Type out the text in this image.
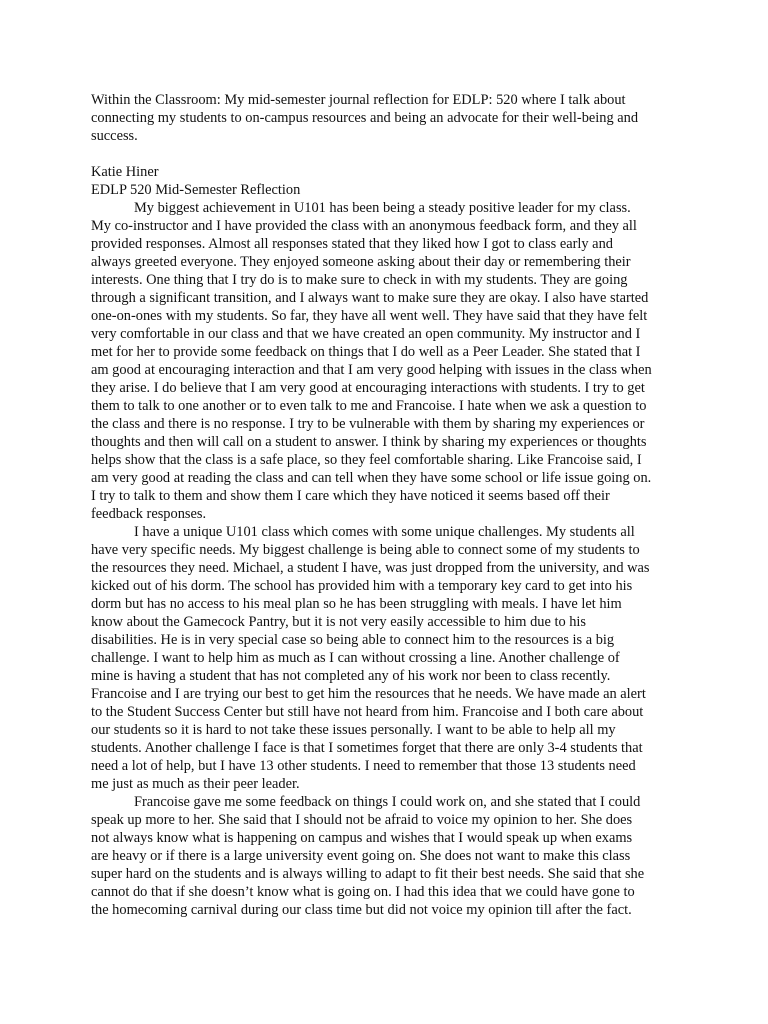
Within the Classroom: My mid-semester journal reflection for EDLP: 520 where I talk about
connecting my students to on-campus resources and being an advocate for their well-being and
success.
Katie Hiner
EDLP 520 Mid-Semester Reflection
My biggest achievement in U101 has been being a steady positive leader for my class.
My co-instructor and I have provided the class with an anonymous feedback form, and they all
provided responses. Almost all responses stated that they liked how I got to class early and
always greeted everyone. They enjoyed someone asking about their day or remembering their
interests. One thing that I try do is to make sure to check in with my students. They are going
through a significant transition, and I always want to make sure they are okay. I also have started
one-on-ones with my students. So far, they have all went well. They have said that they have felt
very comfortable in our class and that we have created an open community. My instructor and I
met for her to provide some feedback on things that I do well as a Peer Leader. She stated that I
am good at encouraging interaction and that I am very good helping with issues in the class when
they arise. I do believe that I am very good at encouraging interactions with students. I try to get
them to talk to one another or to even talk to me and Francoise. I hate when we ask a question to
the class and there is no response. I try to be vulnerable with them by sharing my experiences or
thoughts and then will call on a student to answer. I think by sharing my experiences or thoughts
helps show that the class is a safe place, so they feel comfortable sharing. Like Francoise said, I
am very good at reading the class and can tell when they have some school or life issue going on.
I try to talk to them and show them I care which they have noticed it seems based off their
feedback responses.
I have a unique U101 class which comes with some unique challenges. My students all
have very specific needs. My biggest challenge is being able to connect some of my students to
the resources they need. Michael, a student I have, was just dropped from the university, and was
kicked out of his dorm. The school has provided him with a temporary key card to get into his
dorm but has no access to his meal plan so he has been struggling with meals. I have let him
know about the Gamecock Pantry, but it is not very easily accessible to him due to his
disabilities. He is in very special case so being able to connect him to the resources is a big
challenge. I want to help him as much as I can without crossing a line. Another challenge of
mine is having a student that has not completed any of his work nor been to class recently.
Francoise and I are trying our best to get him the resources that he needs. We have made an alert
to the Student Success Center but still have not heard from him. Francoise and I both care about
our students so it is hard to not take these issues personally. I want to be able to help all my
students. Another challenge I face is that I sometimes forget that there are only 3-4 students that
need a lot of help, but I have 13 other students. I need to remember that those 13 students need
me just as much as their peer leader.
Francoise gave me some feedback on things I could work on, and she stated that I could
speak up more to her. She said that I should not be afraid to voice my opinion to her. She does
not always know what is happening on campus and wishes that I would speak up when exams
are heavy or if there is a large university event going on. She does not want to make this class
super hard on the students and is always willing to adapt to fit their best needs. She said that she
cannot do that if she doesn’t know what is going on. I had this idea that we could have gone to
the homecoming carnival during our class time but did not voice my opinion till after the fact.
